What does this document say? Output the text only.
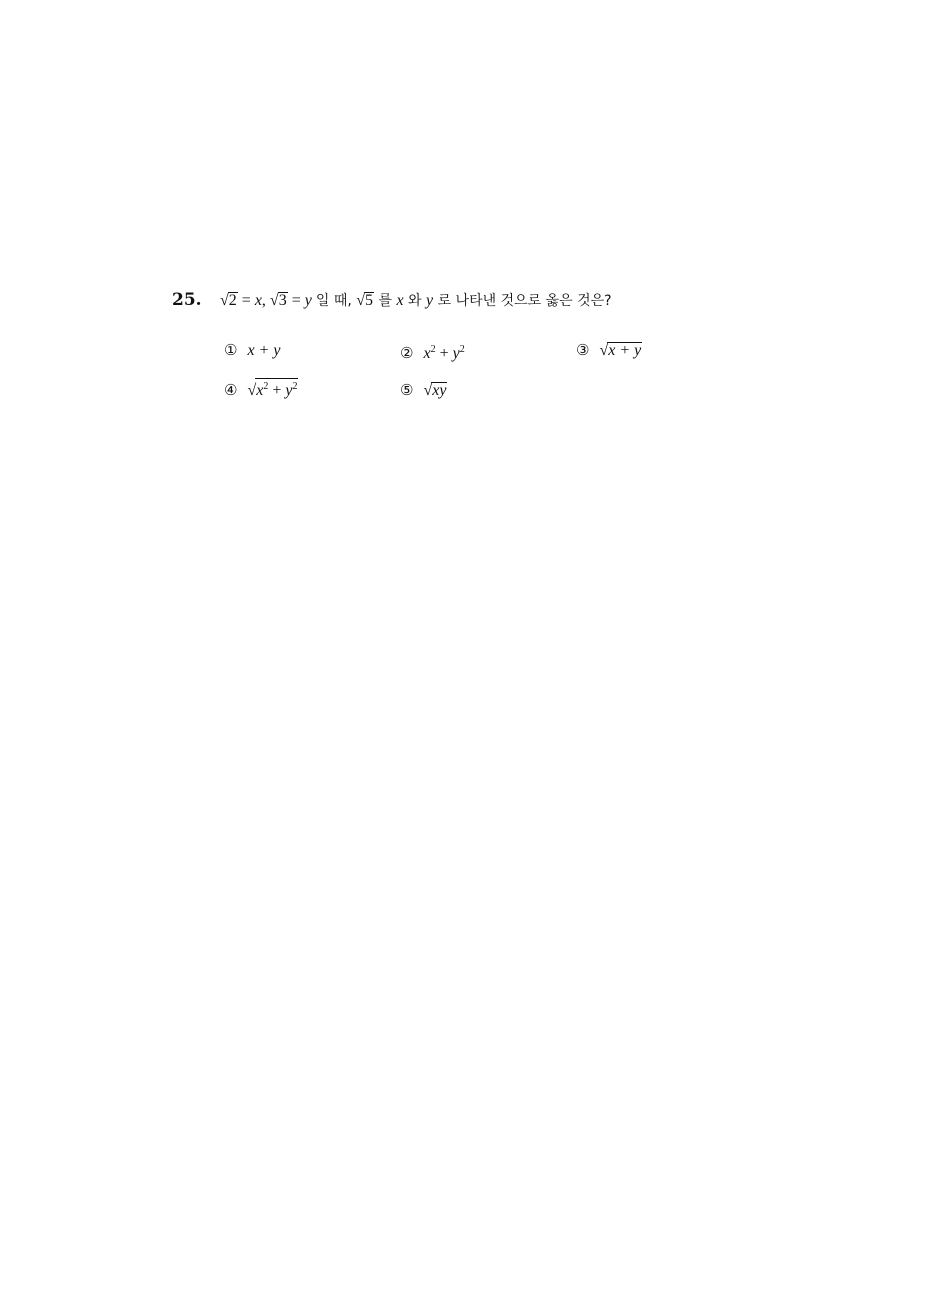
25. √2 = x, √3 = y 일 때, √5 를 x 와 y 로 나타낸 것으로 옳은 것은?
① x + y	② $x^2 + y^2$	③ √x + y
④ $√x^2 + y^2$	⑤ √xy
